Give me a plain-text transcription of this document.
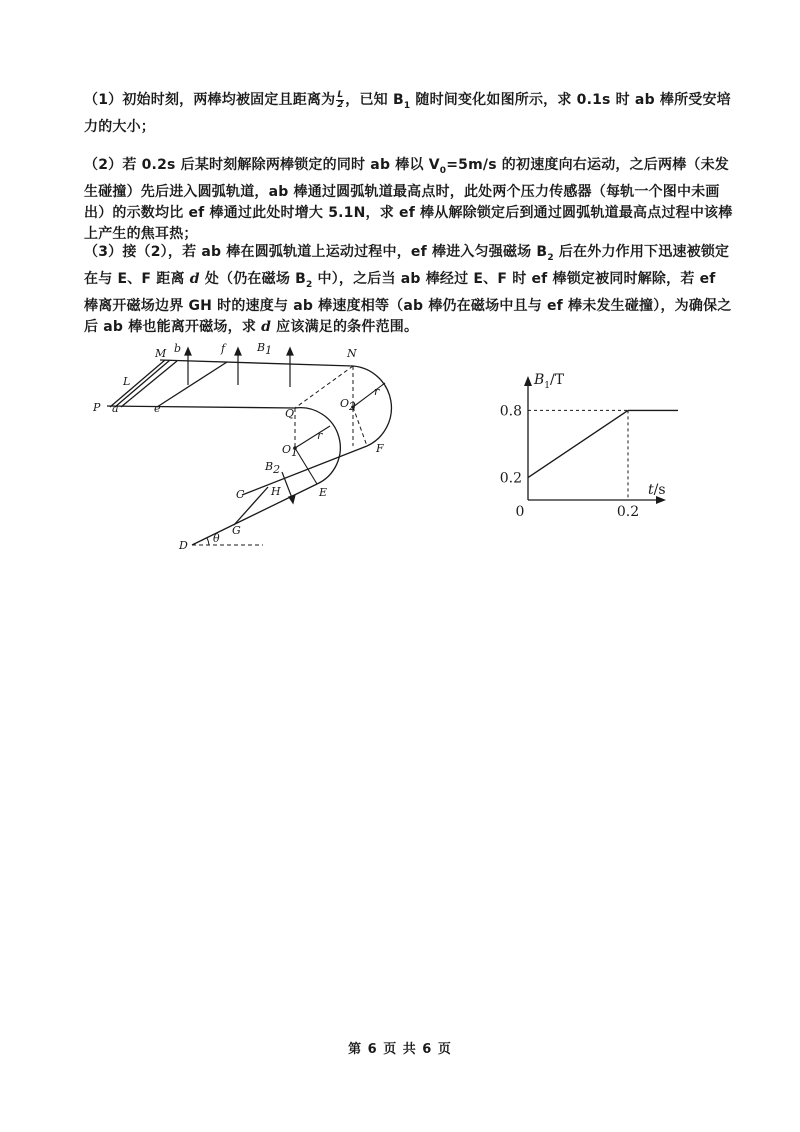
（1）初始时刻，两棒均被固定且距离为 $\frac{L}{2}$ ，已知 $B_1$ 随时间变化如图所示，求 0.1s 时 ab 棒所受安培力的大小；
（2）若 0.2s 后某时刻解除两棒锁定的同时 ab 棒以 $V_0=5m/s$ 的初速度向右运动，之后两棒（未发生碰撞）先后进入圆弧轨道，ab 棒通过圆弧轨道最高点时，此处两个压力传感器（每轨一个图中未画出）的示数均比 ef 棒通过此处时增大 5.1N，求 ef 棒从解除锁定后到通过圆弧轨道最高点过程中该棒上产生的焦耳热；
（3）接（2），若 ab 棒在圆弧轨道上运动过程中，ef 棒进入匀强磁场 $B_2$ 后在外力作用下迅速被锁定在与 E、F 距离 d 处（仍在磁场 $B_2$ 中），之后当 ab 棒经过 E、F 时 ef 棒锁定被同时解除，若 ef 棒离开磁场边界 GH 时的速度与 ab 棒速度相等（ab 棒仍在磁场中且与 ef 棒未发生碰撞），为确保之后 ab 棒也能离开磁场，求 d 应该满足的条件范围。
M b	f	B1	N
L
P a	e	Q
O2
O1
r
r
F
B2
C H	E
G
D
θ
$B_1/T$
t/s
0
0.8
0.2
0.2
第 6 页 共 6 页
